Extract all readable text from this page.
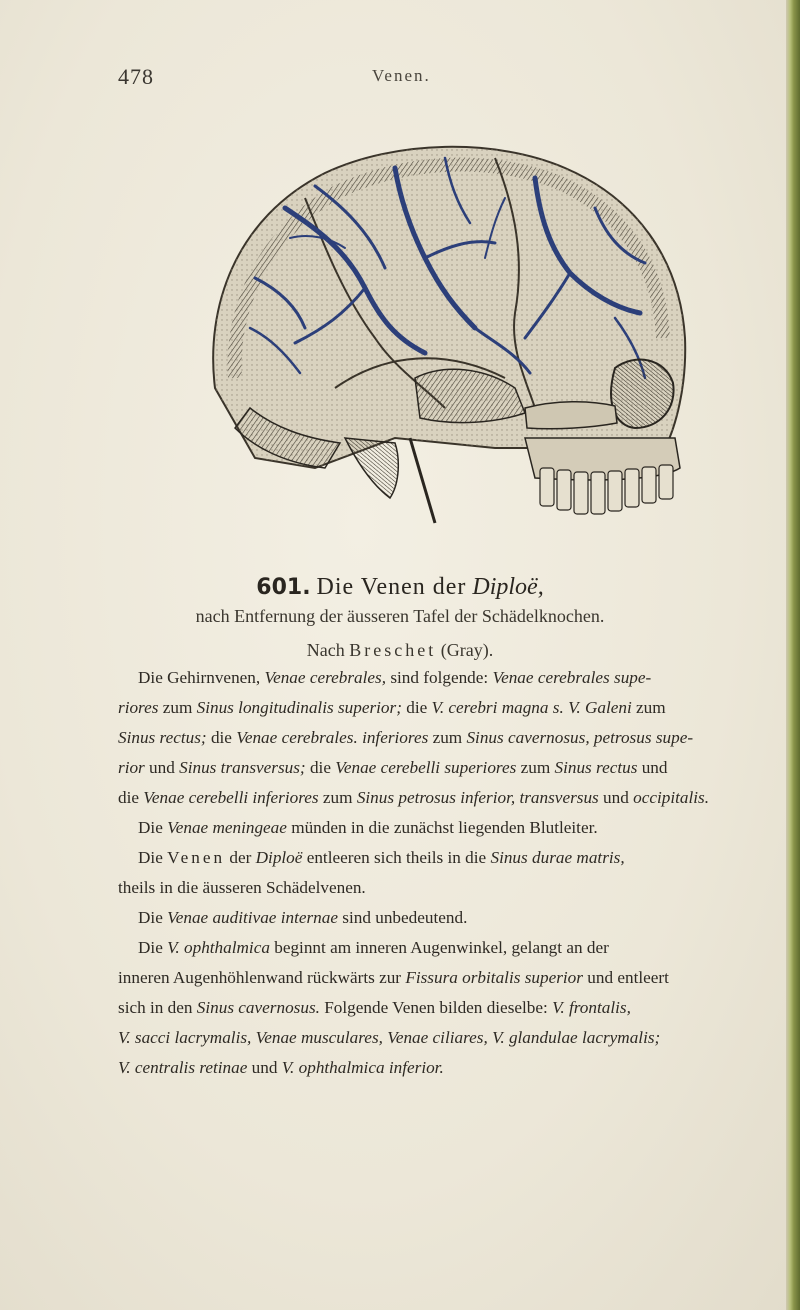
478	Venen.
601. Die Venen der Diploë,
nach Entfernung der äusseren Tafel der Schädelknochen.
Nach Breschet (Gray).
Die Gehirnvenen, Venae cerebrales, sind folgende: Venae cerebrales supe-
riores zum Sinus longitudinalis superior; die V. cerebri magna s. V. Galeni zum
Sinus rectus; die Venae cerebrales. inferiores zum Sinus cavernosus, petrosus supe-
rior und Sinus transversus; die Venae cerebelli superiores zum Sinus rectus und
die Venae cerebelli inferiores zum Sinus petrosus inferior, transversus und occipitalis.
Die Venae meningeae münden in die zunächst liegenden Blutleiter.
Die Venen der Diploë entleeren sich theils in die Sinus durae matris,
theils in die äusseren Schädelvenen.
Die Venae auditivae internae sind unbedeutend.
Die V. ophthalmica beginnt am inneren Augenwinkel, gelangt an der
inneren Augenhöhlenwand rückwärts zur Fissura orbitalis superior und entleert
sich in den Sinus cavernosus. Folgende Venen bilden dieselbe: V. frontalis,
V. sacci lacrymalis, Venae musculares, Venae ciliares, V. glandulae lacrymalis;
V. centralis retinae und V. ophthalmica inferior.
